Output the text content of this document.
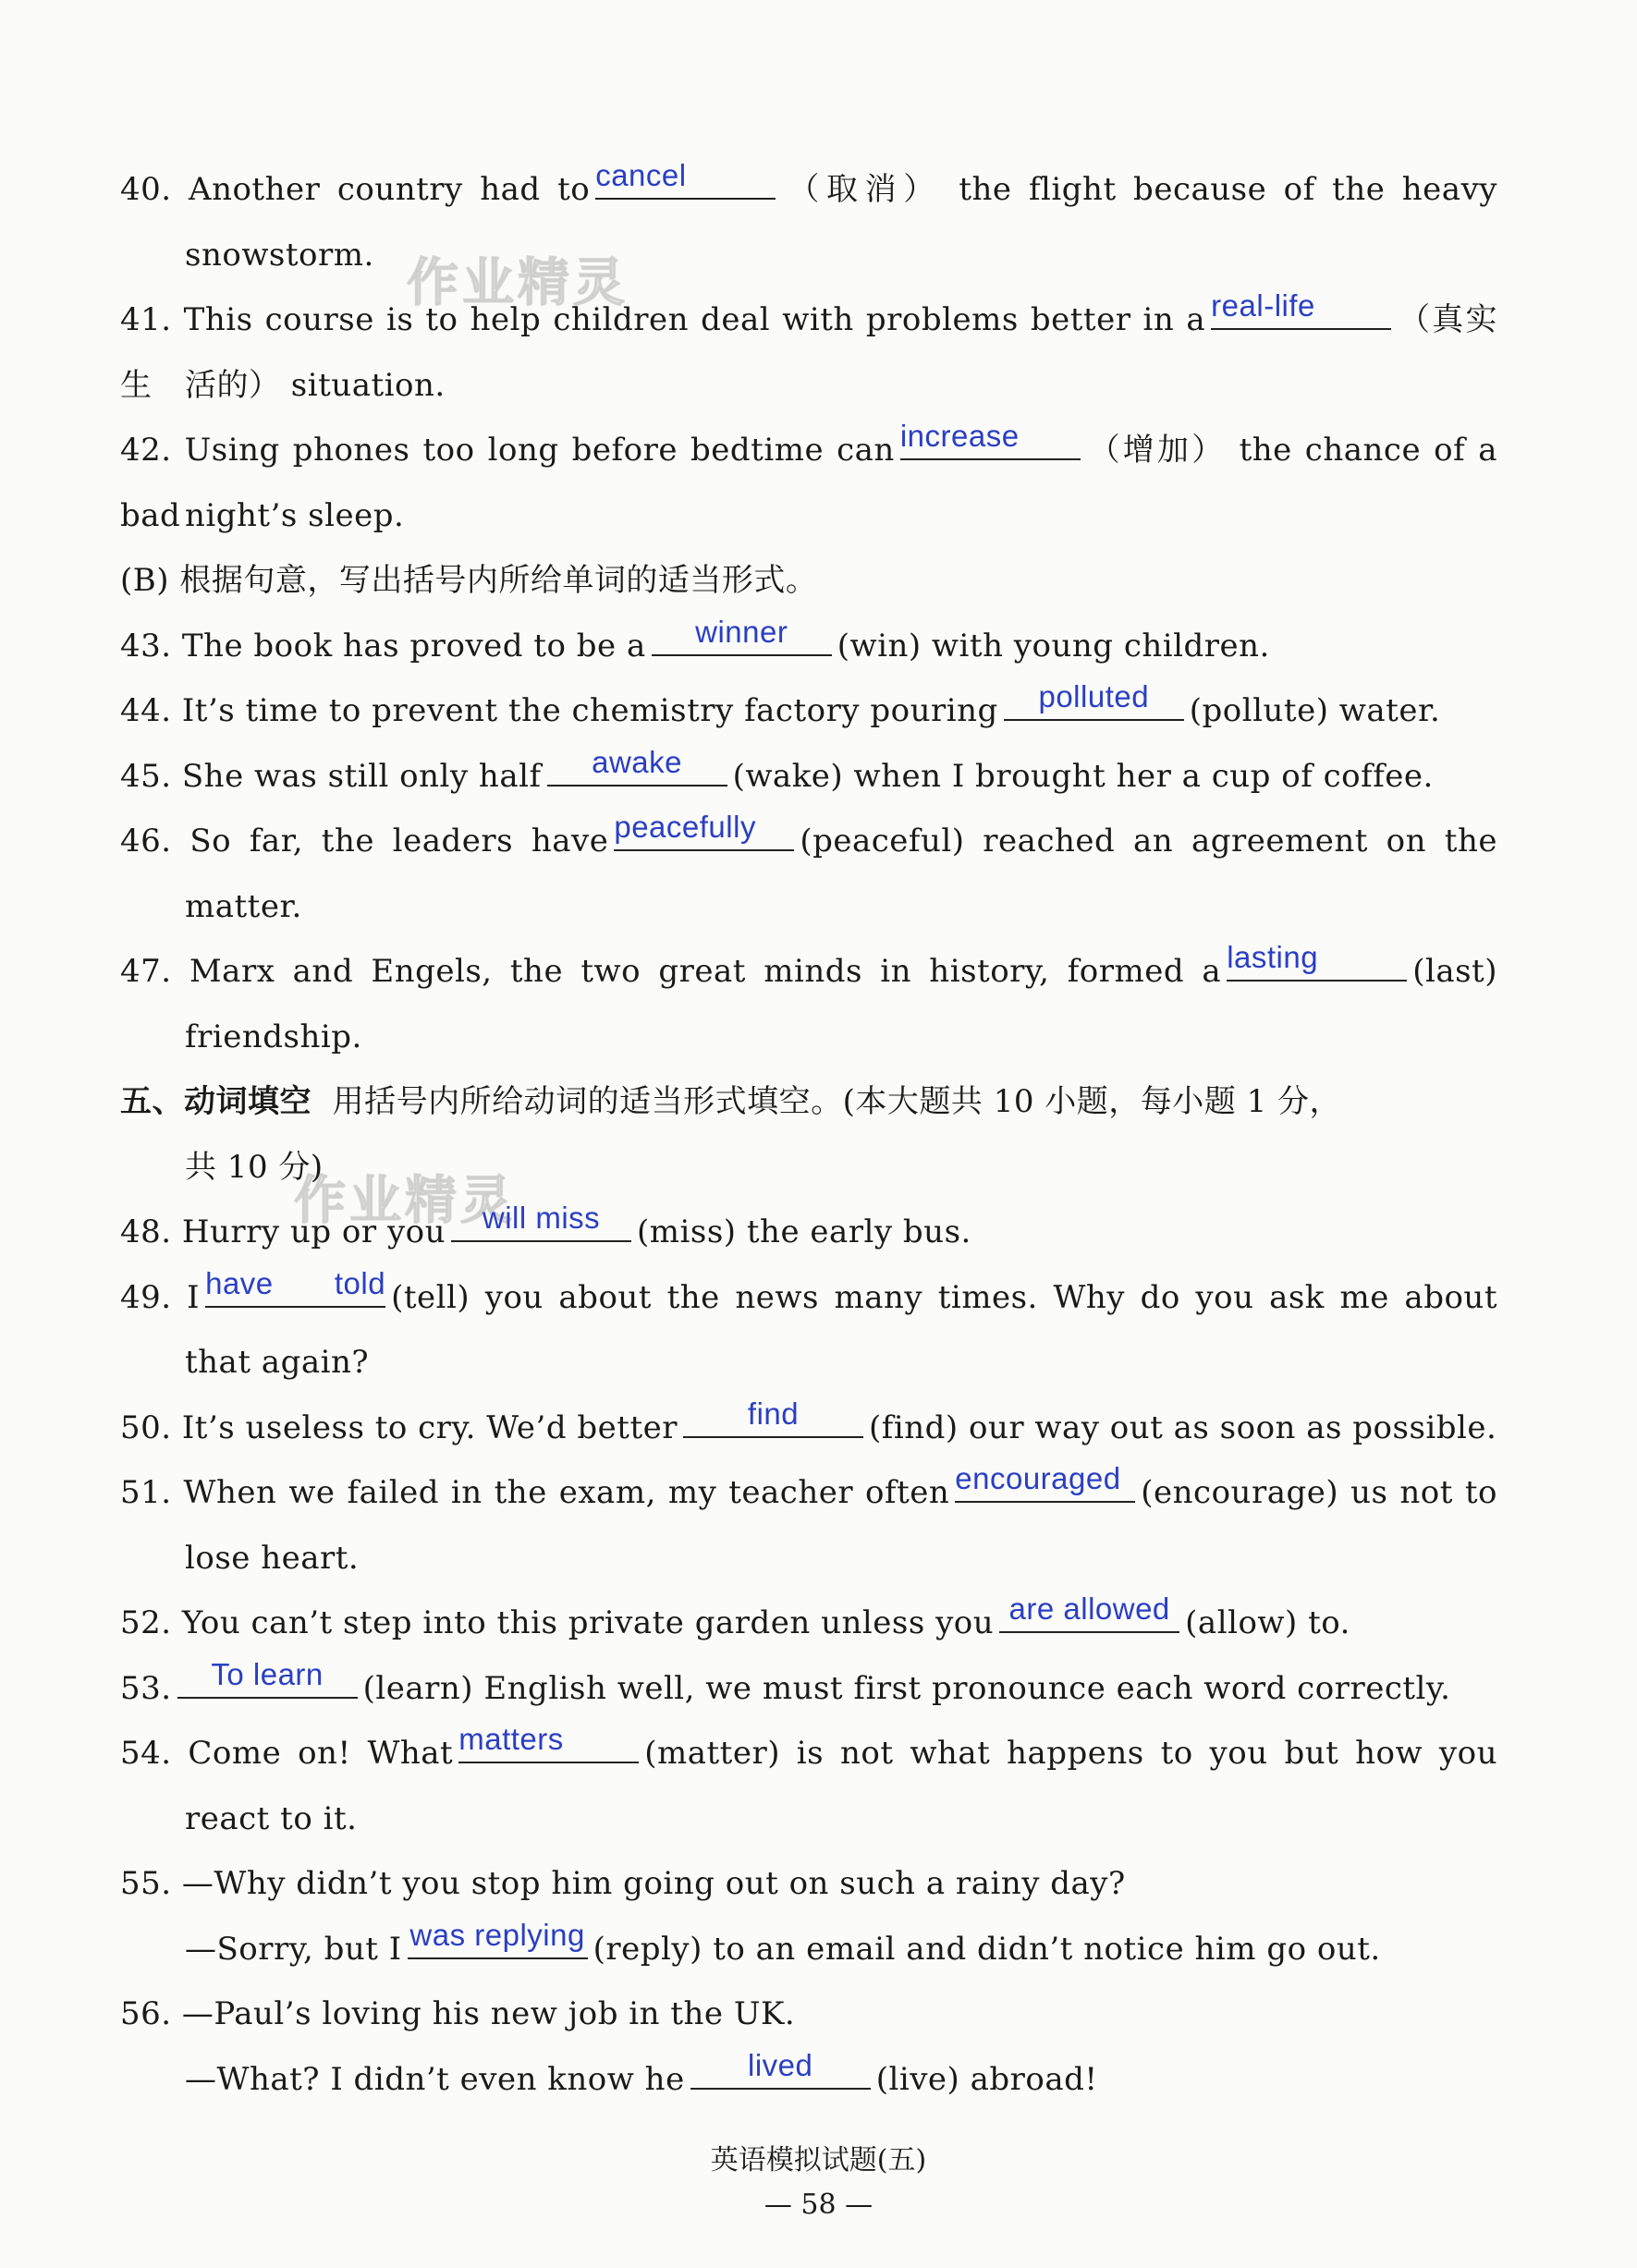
作业精灵
作业精灵
40. Another country had to cancel	（取消） the flight because of the heavy
snowstorm.
41. This course is to help children deal with problems better in a real-life	（真实生	活的） situation.
42. Using phones too long before bedtime can increase	（增加） the chance of a bad night’s sleep.
(B) 根据句意，写出括号内所给单词的适当形式。
43. The book has proved to be a	winner	(win) with young children.
44. It’s time to prevent the chemistry factory pouring	polluted	(pollute) water.
45. She was still only half	awake	(wake) when I brought her a cup of coffee.
46. So far, the leaders have peacefully	(peaceful) reached an agreement on the
matter.
47. Marx and Engels, the two great minds in history, formed a lasting	(last)
friendship.
五、动词填空 用括号内所给动词的适当形式填空。(本大题共 10 小题，每小题 1 分，
共 10 分)
48. Hurry up or you	will miss	(miss) the early bus.
49. I have told (tell) you about the news many times. Why do you ask me about
that again?
50. It’s useless to cry. We’d better	find	(find) our way out as soon as possible.
51. When we failed in the exam, my teacher often encouraged (encourage) us not to
lose heart.
52. You can’t step into this private garden unless you are allowed (allow) to.
53.	To learn	(learn) English well, we must first pronounce each word correctly.
54. Come on! What matters	(matter) is not what happens to you but how you
react to it.
55. —Why didn’t you stop him going out on such a rainy day?
—Sorry, but I was replying (reply) to an email and didn’t notice him go out.
56. —Paul’s loving his new job in the UK.
—What? I didn’t even know he	lived	(live) abroad!
英语模拟试题(五)
— 58 —
